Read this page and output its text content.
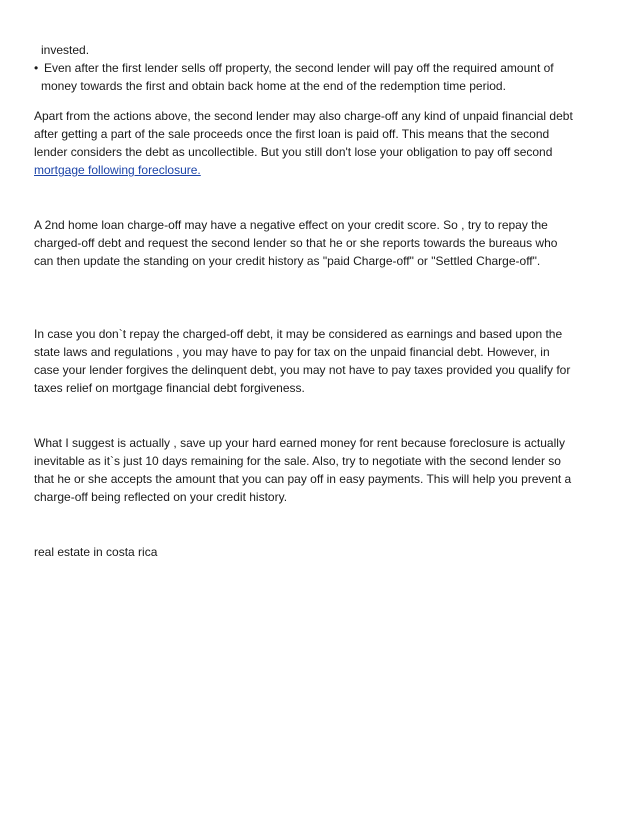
invested.
• Even after the first lender sells off property, the second lender will pay off the required amount of
money towards the first and obtain back home at the end of the redemption time period.
Apart from the actions above, the second lender may also charge-off any kind of unpaid financial debt
after getting a part of the sale proceeds once the first loan is paid off. This means that the second
lender considers the debt as uncollectible. But you still don't lose your obligation to pay off second
mortgage following foreclosure.
A 2nd home loan charge-off may have a negative effect on your credit score. So , try to repay the
charged-off debt and request the second lender so that he or she reports towards the bureaus who
can then update the standing on your credit history as "paid Charge-off" or "Settled Charge-off".
In case you don`t repay the charged-off debt, it may be considered as earnings and based upon the
state laws and regulations , you may have to pay for tax on the unpaid financial debt. However, in
case your lender forgives the delinquent debt, you may not have to pay taxes provided you qualify for
taxes relief on mortgage financial debt forgiveness.
What I suggest is actually , save up your hard earned money for rent because foreclosure is actually
inevitable as it`s just 10 days remaining for the sale. Also, try to negotiate with the second lender so
that he or she accepts the amount that you can pay off in easy payments. This will help you prevent a
charge-off being reflected on your credit history.
real estate in costa rica
